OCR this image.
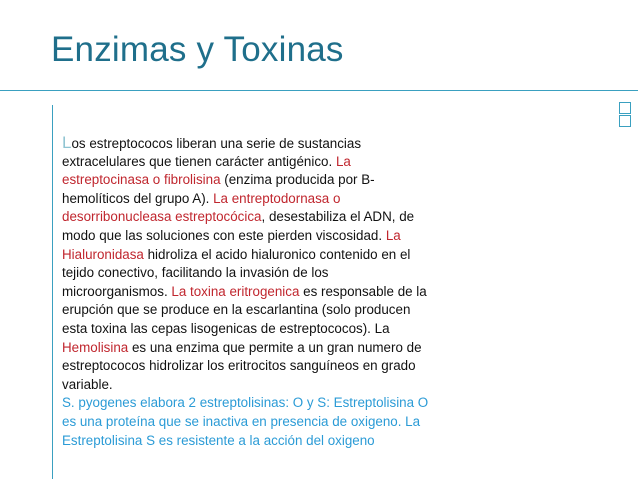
Enzimas y Toxinas
Los estreptococos liberan una serie de sustancias
extracelulares que tienen carácter antigénico. La
estreptocinasa o fibrolisina (enzima producida por B-
hemolíticos del grupo A). La entreptodornasa o
desorribonucleasa estreptocócica, desestabiliza el ADN, de
modo que las soluciones con este pierden viscosidad. La
Hialuronidasa hidroliza el acido hialuronico contenido en el
tejido conectivo, facilitando la invasión de los
microorganismos. La toxina eritrogenica es responsable de la
erupción que se produce en la escarlantina (solo producen
esta toxina las cepas lisogenicas de estreptococos). La
Hemolisina es una enzima que permite a un gran numero de
estreptococos hidrolizar los eritrocitos sanguíneos en grado
variable.
S. pyogenes elabora 2 estreptolisinas: O y S: Estreptolisina O
es una proteína que se inactiva en presencia de oxigeno. La
Estreptolisina S es resistente a la acción del oxigeno
